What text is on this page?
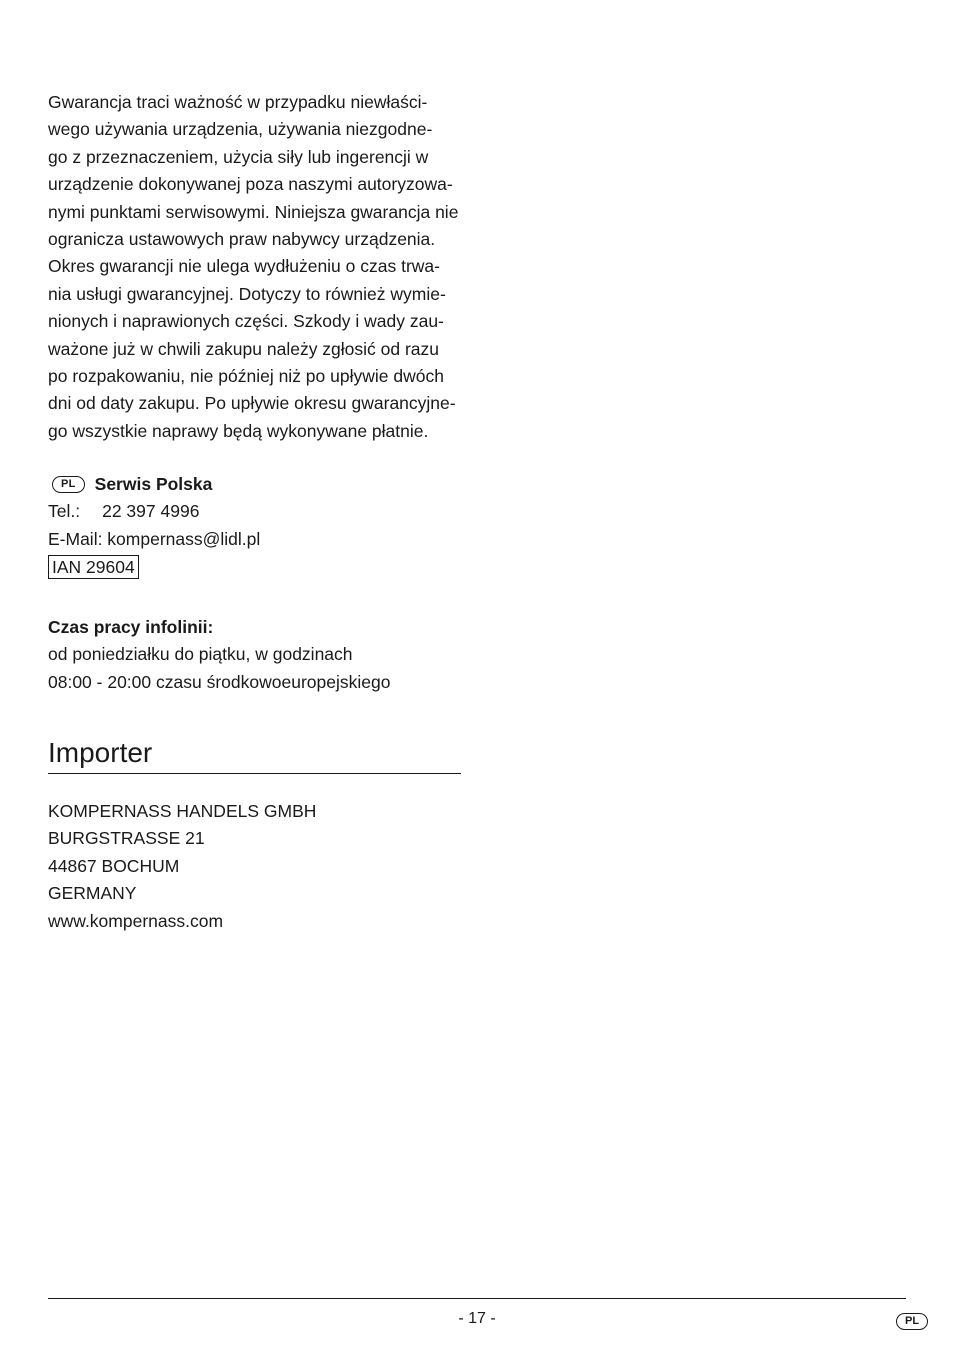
Gwarancja traci ważność w przypadku niewłaści-
wego używania urządzenia, używania niezgodne-
go z przeznaczeniem, użycia siły lub ingerencji w
urządzenie dokonywanej poza naszymi autoryzowa-
nymi punktami serwisowymi. Niniejsza gwarancja nie
ogranicza ustawowych praw nabywcy urządzenia.
Okres gwarancji nie ulega wydłużeniu o czas trwa-
nia usługi gwarancyjnej. Dotyczy to również wymie-
nionych i naprawionych części. Szkody i wady zau-
ważone już w chwili zakupu należy zgłosić od razu
po rozpakowaniu, nie później niż po upływie dwóch
dni od daty zakupu. Po upływie okresu gwarancyjne-
go wszystkie naprawy będą wykonywane płatnie.
PL	Serwis Polska
Tel.: 22 397 4996
E-Mail: kompernass@lidl.pl
IAN 29604
Czas pracy infolinii:
od poniedziałku do piątku, w godzinach
08:00 - 20:00 czasu środkowoeuropejskiego
Importer
KOMPERNASS HANDELS GMBH
BURGSTRASSE 21
44867 BOCHUM
GERMANY
www.kompernass.com
- 17 -	PL
